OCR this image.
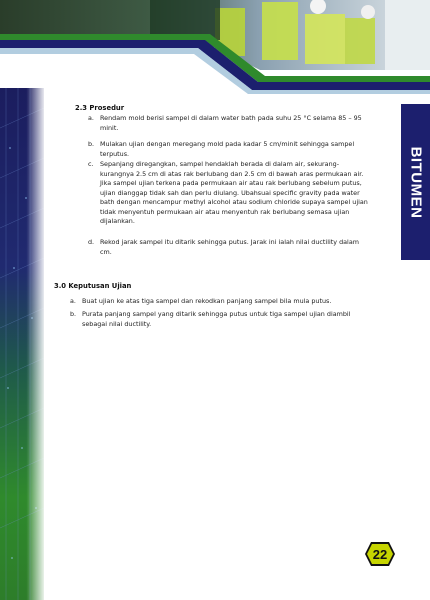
BITUMEN
2.3 Prosedur
a. Rendam mold berisi sampel di dalam water bath pada suhu 25 °C selama 85 – 95
minit.
b. Mulakan ujian dengan meregang mold pada kadar 5 cm/minit sehingga sampel
terputus.
c. Sepanjang diregangkan, sampel hendaklah berada di dalam air, sekurang-
kurangnya 2.5 cm di atas rak berlubang dan 2.5 cm di bawah aras permukaan air.
Jika sampel ujian terkena pada permukaan air atau rak berlubang sebelum putus,
ujian dianggap tidak sah dan perlu diulang. Ubahsuai specific gravity pada water
bath dengan mencampur methyl alcohol atau sodium chloride supaya sampel ujian
tidak menyentuh permukaan air atau menyentuh rak berlubang semasa ujian
dijalankan.
d. Rekod jarak sampel itu ditarik sehingga putus. Jarak ini ialah nilai ductility dalam
cm.
3.0 Keputusan Ujian
a. Buat ujian ke atas tiga sampel dan rekodkan panjang sampel bila mula putus.
b. Purata panjang sampel yang ditarik sehingga putus untuk tiga sampel ujian diambil
sebagai nilai ductility.
22
